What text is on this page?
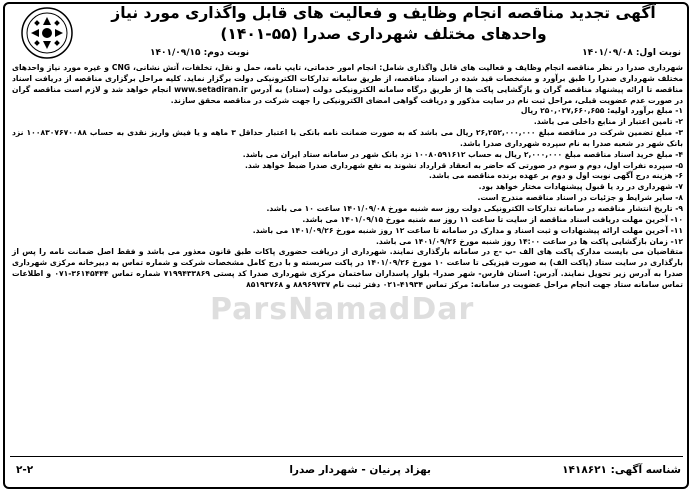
آگهی تجدید مناقصه انجام وظایف و فعالیت های قابل واگذاری مورد نیاز
واحدهای مختلف شهرداری صدرا (۵۵-۱۴۰۱)
نوبت اول: ۱۴۰۱/۰۹/۰۸
نوبت دوم: ۱۴۰۱/۰۹/۱۵

شهرداری صدرا در نظر مناقصه انجام وظایف و فعالیت های قابل واگذاری شامل: انجام امور خدماتی، تایپ نامه، حمل و نقل، تخلفات، آتش نشانی، CNG و غیره مورد نیاز واحدهای مختلف شهرداری صدرا را طبق برآورد و مشخصات قید شده در اسناد مناقصه، از طریق سامانه تدارکات الکترونیکی دولت برگزار نماید. کلیه مراحل برگزاری مناقصه از دریافت اسناد مناقصه تا ارائه پیشنهاد مناقصه گران و بازگشایی پاکت ها از طریق درگاه سامانه الکترونیکی دولت (ستاد) به آدرس www.setadiran.ir انجام خواهد شد و لازم است مناقصه گران در صورت عدم عضویت قبلی، مراحل ثبت نام در سایت مذکور و دریافت گواهی امضای الکترونیکی را جهت شرکت در مناقصه محقق سازند.

۱- مبلغ برآورد اولیه: ۲۵۰,۰۲۷,۶۶۰,۶۵۵ ریال

۲- تامین اعتبار از منابع داخلی می باشد.

۳- مبلغ تضمین شرکت در مناقصه مبلغ ۲۶,۲۵۲,۰۰۰,۰۰۰ ریال می باشد که به صورت ضمانت نامه بانکی با اعتبار حداقل ۳ ماهه و یا فیش واریز نقدی به حساب ۱۰۰۸۳۰۷۶۷۰۰۸۸ نزد بانک شهر در شعبه صدرا به نام سپرده شهرداری صدرا باشد.

۴- مبلغ خرید اسناد مناقصه مبلغ ۲,۰۰۰,۰۰۰ ریال به حساب ۱۰۰۸۰۵۹۱۶۱۲ نزد بانک شهر در سامانه ستاد ایران می باشد.

۵- سپرده نفرات اول، دوم و سوم در صورتی که حاضر به انعقاد قرارداد نشوند به نفع شهرداری صدرا ضبط خواهد شد.

۶- هزینه درج آگهی نوبت اول و دوم بر عهده برنده مناقصه می باشد.

۷- شهرداری در رد یا قبول پیشنهادات مختار خواهد بود.

۸- سایر شرایط و جزئیات در اسناد مناقصه مندرج است.

۹- تاریخ انتشار مناقصه در سامانه تدارکات الکترونیکی دولت روز سه شنبه مورخ ۱۴۰۱/۰۹/۰۸ ساعت ۱۰ می باشد.

۱۰- آخرین مهلت دریافت اسناد مناقصه از سایت تا ساعت ۱۱ روز سه شنبه مورخ ۱۴۰۱/۰۹/۱۵ می باشد.

۱۱- آخرین مهلت ارائه پیشنهادات و ثبت اسناد و مدارک در سامانه تا ساعت ۱۲ روز شنبه مورخ ۱۴۰۱/۰۹/۲۶ می باشد.

۱۲- زمان بازگشایی پاکت ها در ساعت ۱۴:۰۰ روز شنبه مورخ ۱۴۰۱/۰۹/۲۶ می باشد.

متقاضیان می بایست مدارک پاکت های الف -ب -ج در سامانه بارگذاری نمایند. شهرداری از دریافت حضوری پاکات طبق قانون معذور می باشد و فقط اصل ضمانت نامه را پس از بارگذاری در سایت ستاد (پاکت الف) به صورت فیزیکی تا ساعت ۱۰ مورخ ۱۴۰۱/۰۹/۲۶ در پاکت سربسته و با درج کامل مشخصات شرکت و شماره تماس به دبیرخانه مرکزی شهرداری صدرا به آدرس زیر تحویل نمایند. آدرس: استان فارس- شهر صدرا- بلوار پاسداران ساختمان مرکزی شهرداری صدرا کد پستی ۷۱۹۹۴۳۳۸۶۹ شماره تماس ۳۶۱۴۵۴۴۴-۰۷۱ و اطلاعات تماس سامانه ستاد جهت انجام مراحل عضویت در سامانه: مرکز تماس ۴۱۹۳۴-۰۲۱ دفتر ثبت نام ۸۸۹۶۹۷۳۷ و ۸۵۱۹۳۷۶۸

ParsNamadDar
شناسه آگهی: ۱۴۱۸۶۲۱
بهزاد پرنیان - شهردار صدرا
۲-۲
